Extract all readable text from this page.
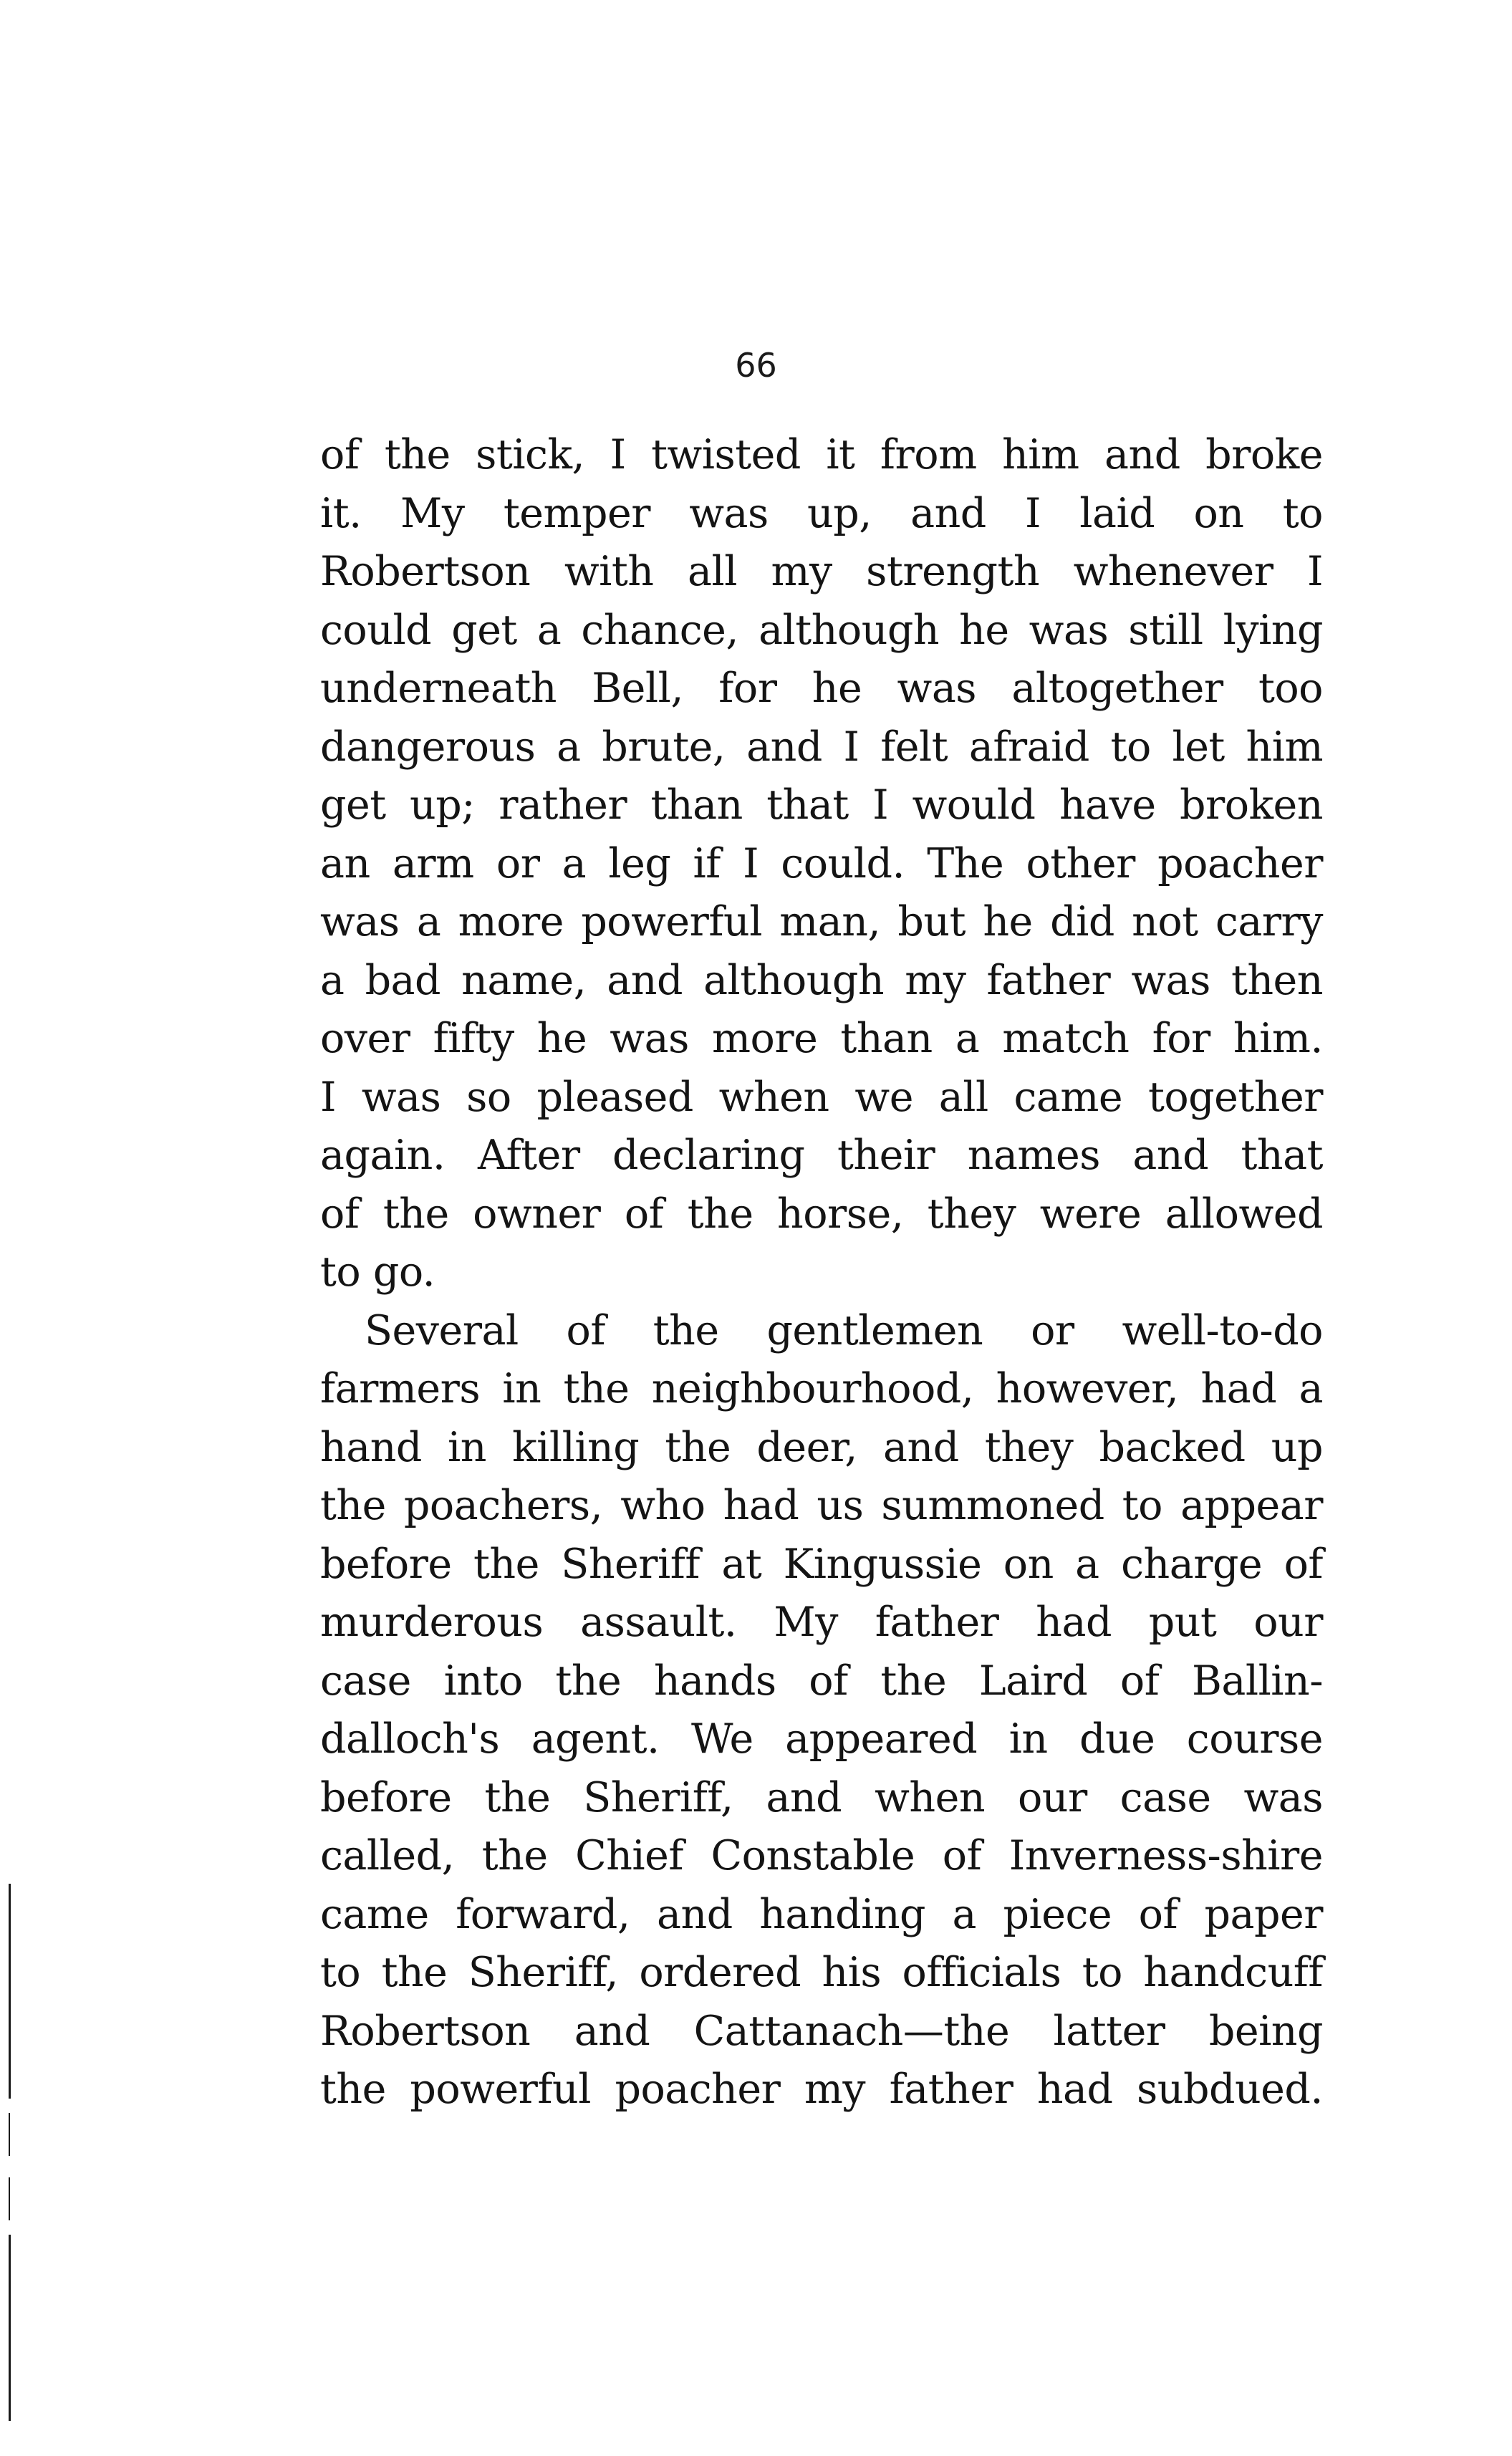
66
of the stick, I twisted it from him and broke
it. My temper was up, and I laid on to
Robertson with all my strength whenever I
could get a chance, although he was still lying
underneath Bell, for he was altogether too
dangerous a brute, and I felt afraid to let him
get up; rather than that I would have broken
an arm or a leg if I could. The other poacher
was a more powerful man, but he did not carry
a bad name, and although my father was then
over fifty he was more than a match for him.
I was so pleased when we all came together
again. After declaring their names and that
of the owner of the horse, they were allowed
to go.
Several of the gentlemen or well-to-do
farmers in the neighbourhood, however, had a
hand in killing the deer, and they backed up
the poachers, who had us summoned to appear
before the Sheriff at Kingussie on a charge of
murderous assault. My father had put our
case into the hands of the Laird of Ballin-
dalloch's agent. We appeared in due course
before the Sheriff, and when our case was
called, the Chief Constable of Inverness-shire
came forward, and handing a piece of paper
to the Sheriff, ordered his officials to handcuff
Robertson and Cattanach—the latter being
the powerful poacher my father had subdued.
